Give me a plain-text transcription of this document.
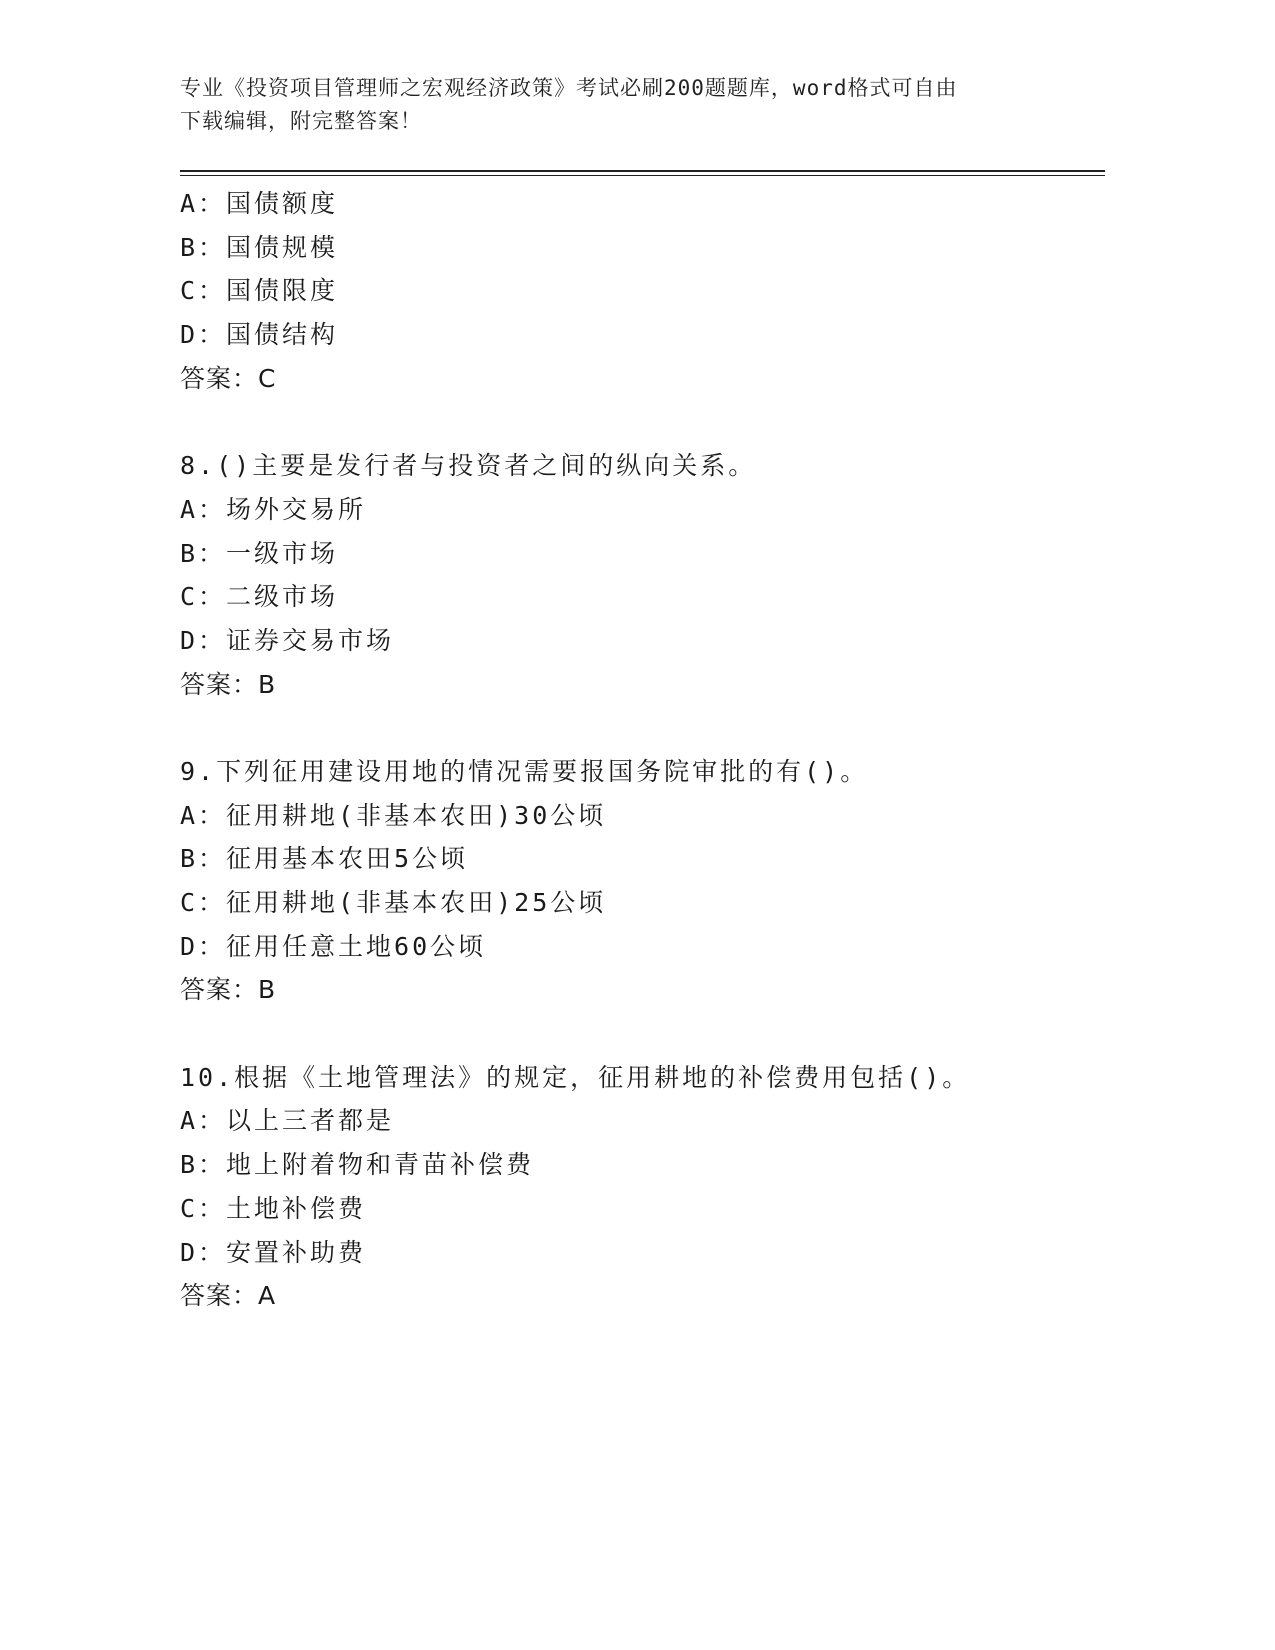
专业《投资项目管理师之宏观经济政策》考试必刷200题题库，word格式可自由
下载编辑，附完整答案！
A：国债额度
B：国债规模
C：国债限度
D：国债结构
答案：C
8.()主要是发行者与投资者之间的纵向关系。
A：场外交易所
B：一级市场
C：二级市场
D：证券交易市场
答案：B
9.下列征用建设用地的情况需要报国务院审批的有()。
A：征用耕地(非基本农田)30公顷
B：征用基本农田5公顷
C：征用耕地(非基本农田)25公顷
D：征用任意土地60公顷
答案：B
10.根据《土地管理法》的规定，征用耕地的补偿费用包括()。
A：以上三者都是
B：地上附着物和青苗补偿费
C：土地补偿费
D：安置补助费
答案：A
